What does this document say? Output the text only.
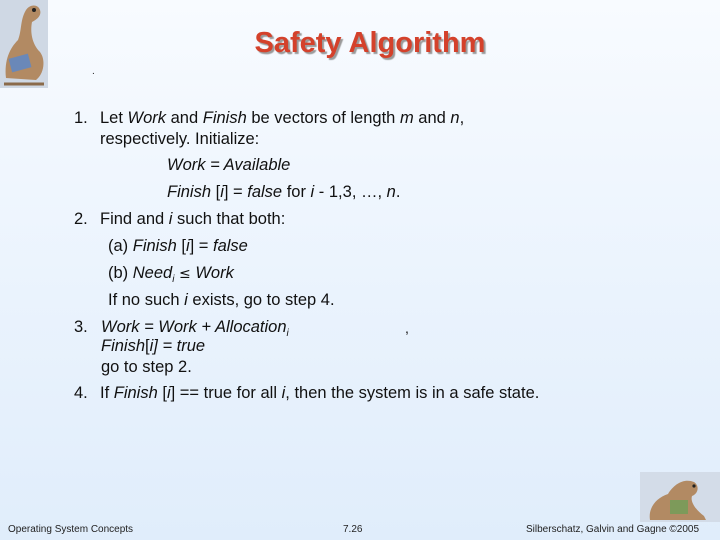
Safety Algorithm
.
1. Let Work and Finish be vectors of length m and n,
respectively. Initialize:
Work = Available
Finish [i] = false for i - 1,3, …, n.
2. Find and i such that both:
(a) Finish [i] = false
(b) Need$_i$ ≤ Work
If no such i exists, go to step 4.
3. Work = Work + Allocation$_i$
Finish[i] = true
go to step 2.
4. If Finish [i] == true for all i, then the system is in a safe state.
,
Operating System Concepts	7.26	Silberschatz, Galvin and Gagne ©2005
